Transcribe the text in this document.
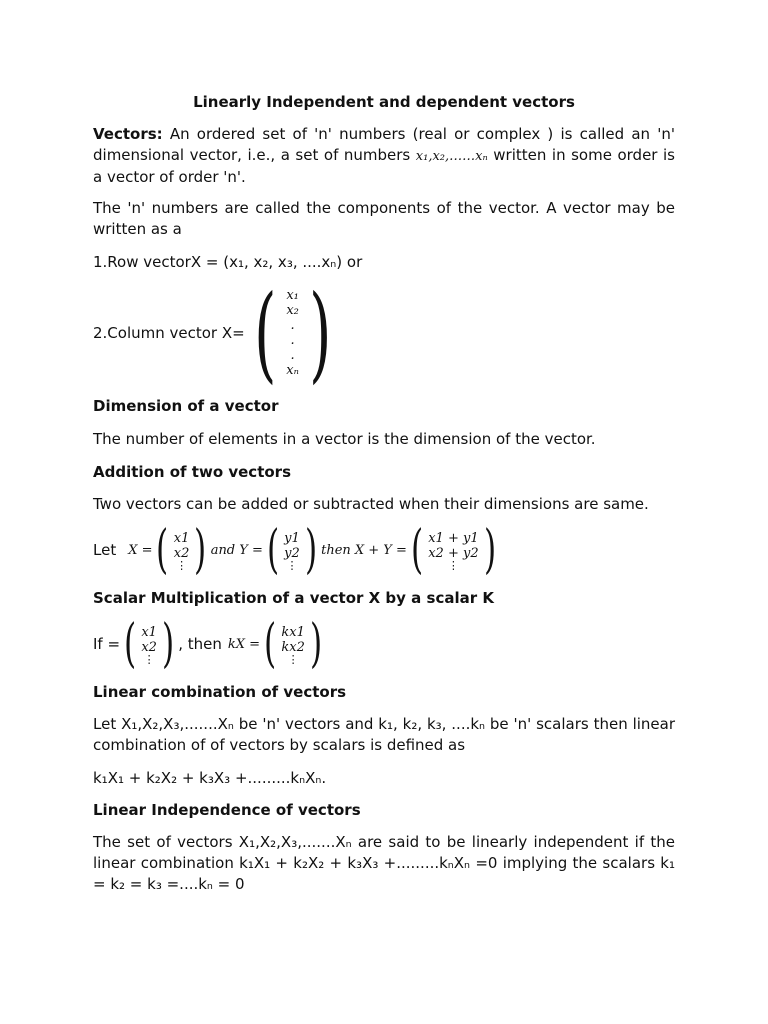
Linearly Independent and dependent vectors
Vectors: An ordered set of 'n' numbers (real or complex ) is called an 'n' dimensional vector, i.e., a set of numbers x₁,x₂,……xₙ written in some order is a vector of order 'n'.
The 'n' numbers are called the components of the vector. A vector may be written as a
1.Row vectorX = (x₁, x₂, x₃, ....xₙ) or
2.Column vector X= ( x₁
x₂
.
.
.
xₙ )
Dimension of a vector
The number of elements in a vector is the dimension of the vector.
Addition of two vectors
Two vectors can be added or subtracted when their dimensions are same.
Let X = ( x1
x2
⋮ ) and Y = ( y1
y2
⋮ ) then X + Y = ( x1 + y1
x2 + y2
⋮ )
Scalar Multiplication of a vector X by a scalar K
If = ( x1
x2
⋮ ) , then kX = ( kx1
kx2
⋮ )
Linear combination of vectors
Let X₁,X₂,X₃,.......Xₙ be 'n' vectors and k₁, k₂, k₃, ....kₙ be 'n' scalars then linear combination of of vectors by scalars is defined as
k₁X₁ + k₂X₂ + k₃X₃ +.........kₙXₙ.
Linear Independence of vectors
The set of vectors X₁,X₂,X₃,.......Xₙ are said to be linearly independent if the linear combination k₁X₁ + k₂X₂ + k₃X₃ +.........kₙXₙ =0 implying the scalars k₁ = k₂ = k₃ =....kₙ = 0
